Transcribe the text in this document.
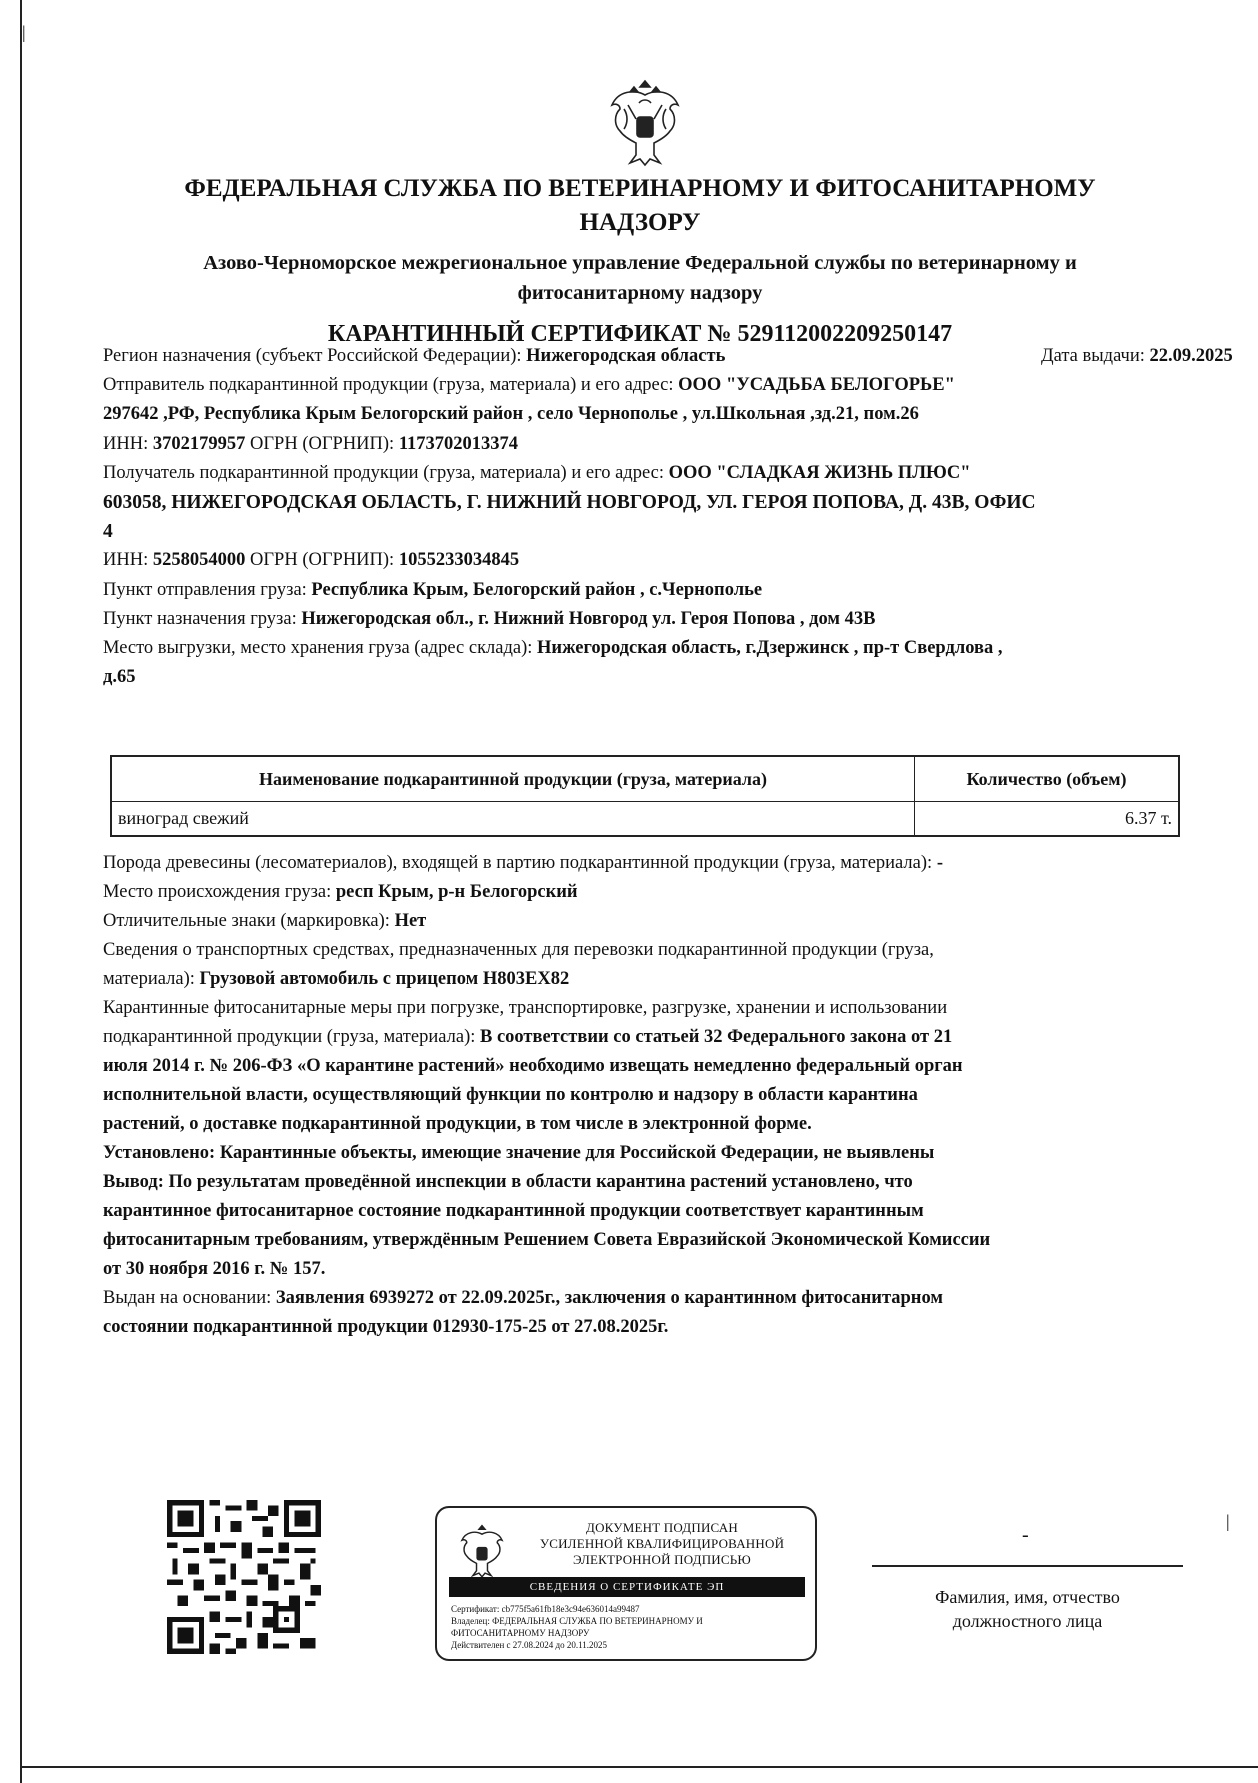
|
ФЕДЕРАЛЬНАЯ СЛУЖБА ПО ВЕТЕРИНАРНОМУ И ФИТОСАНИТАРНОМУ
НАДЗОРУ
Азово-Черноморское межрегиональное управление Федеральной службы по ветеринарному и
фитосанитарному надзору
КАРАНТИННЫЙ СЕРТИФИКАТ № 529112002209250147
Регион назначения (субъект Российской Федерации): Нижегородская область	Дата выдачи: 22.09.2025
Отправитель подкарантинной продукции (груза, материала) и его адрес: ООО "УСАДЬБА БЕЛОГОРЬЕ"
297642 ,РФ, Республика Крым Белогорский район , село Чернополье , ул.Школьная ,зд.21, пом.26
ИНН: 3702179957 ОГРН (ОГРНИП): 1173702013374
Получатель подкарантинной продукции (груза, материала) и его адрес: ООО "СЛАДКАЯ ЖИЗНЬ ПЛЮС"
603058, НИЖЕГОРОДСКАЯ ОБЛАСТЬ, Г. НИЖНИЙ НОВГОРОД, УЛ. ГЕРОЯ ПОПОВА, Д. 43В, ОФИС
4
ИНН: 5258054000 ОГРН (ОГРНИП): 1055233034845
Пункт отправления груза: Республика Крым, Белогорский район , с.Чернополье
Пункт назначения груза: Нижегородская обл., г. Нижний Новгород ул. Героя Попова , дом 43В
Место выгрузки, место хранения груза (адрес склада): Нижегородская область, г.Дзержинск , пр-т Свердлова ,
д.65
Наименование подкарантинной продукции (груза, материала)	Количество (объем)
виноград свежий	6.37 т.
Порода древесины (лесоматериалов), входящей в партию подкарантинной продукции (груза, материала): -
Место происхождения груза: респ Крым, р-н Белогорский
Отличительные знаки (маркировка): Нет
Сведения о транспортных средствах, предназначенных для перевозки подкарантинной продукции (груза,
материала): Грузовой автомобиль с прицепом Н803ЕХ82
Карантинные фитосанитарные меры при погрузке, транспортировке, разгрузке, хранении и использовании
подкарантинной продукции (груза, материала): В соответствии со статьей 32 Федерального закона от 21
июля 2014 г. № 206-ФЗ «О карантине растений» необходимо извещать немедленно федеральный орган
исполнительной власти, осуществляющий функции по контролю и надзору в области карантина
растений, о доставке подкарантинной продукции, в том числе в электронной форме.
Установлено: Карантинные объекты, имеющие значение для Российской Федерации, не выявлены
Вывод: По результатам проведённой инспекции в области карантина растений установлено, что
карантинное фитосанитарное состояние подкарантинной продукции соответствует карантинным
фитосанитарным требованиям, утверждённым Решением Совета Евразийской Экономической Комиссии
от 30 ноября 2016 г. № 157.
Выдан на основании: Заявления 6939272 от 22.09.2025г., заключения о карантинном фитосанитарном
состоянии подкарантинной продукции 012930-175-25 от 27.08.2025г.
ДОКУМЕНТ ПОДПИСАН
УСИЛЕННОЙ КВАЛИФИЦИРОВАННОЙ
ЭЛЕКТРОННОЙ ПОДПИСЬЮ
СВЕДЕНИЯ О СЕРТИФИКАТЕ ЭП
Сертификат: cb775f5a61fb18e3c94e636014a99487
Владелец: ФЕДЕРАЛЬНАЯ СЛУЖБА ПО ВЕТЕРИНАРНОМУ И
ФИТОСАНИТАРНОМУ НАДЗОРУ
Действителен с 27.08.2024 до 20.11.2025
-
|
Фамилия, имя, отчество
должностного лица
